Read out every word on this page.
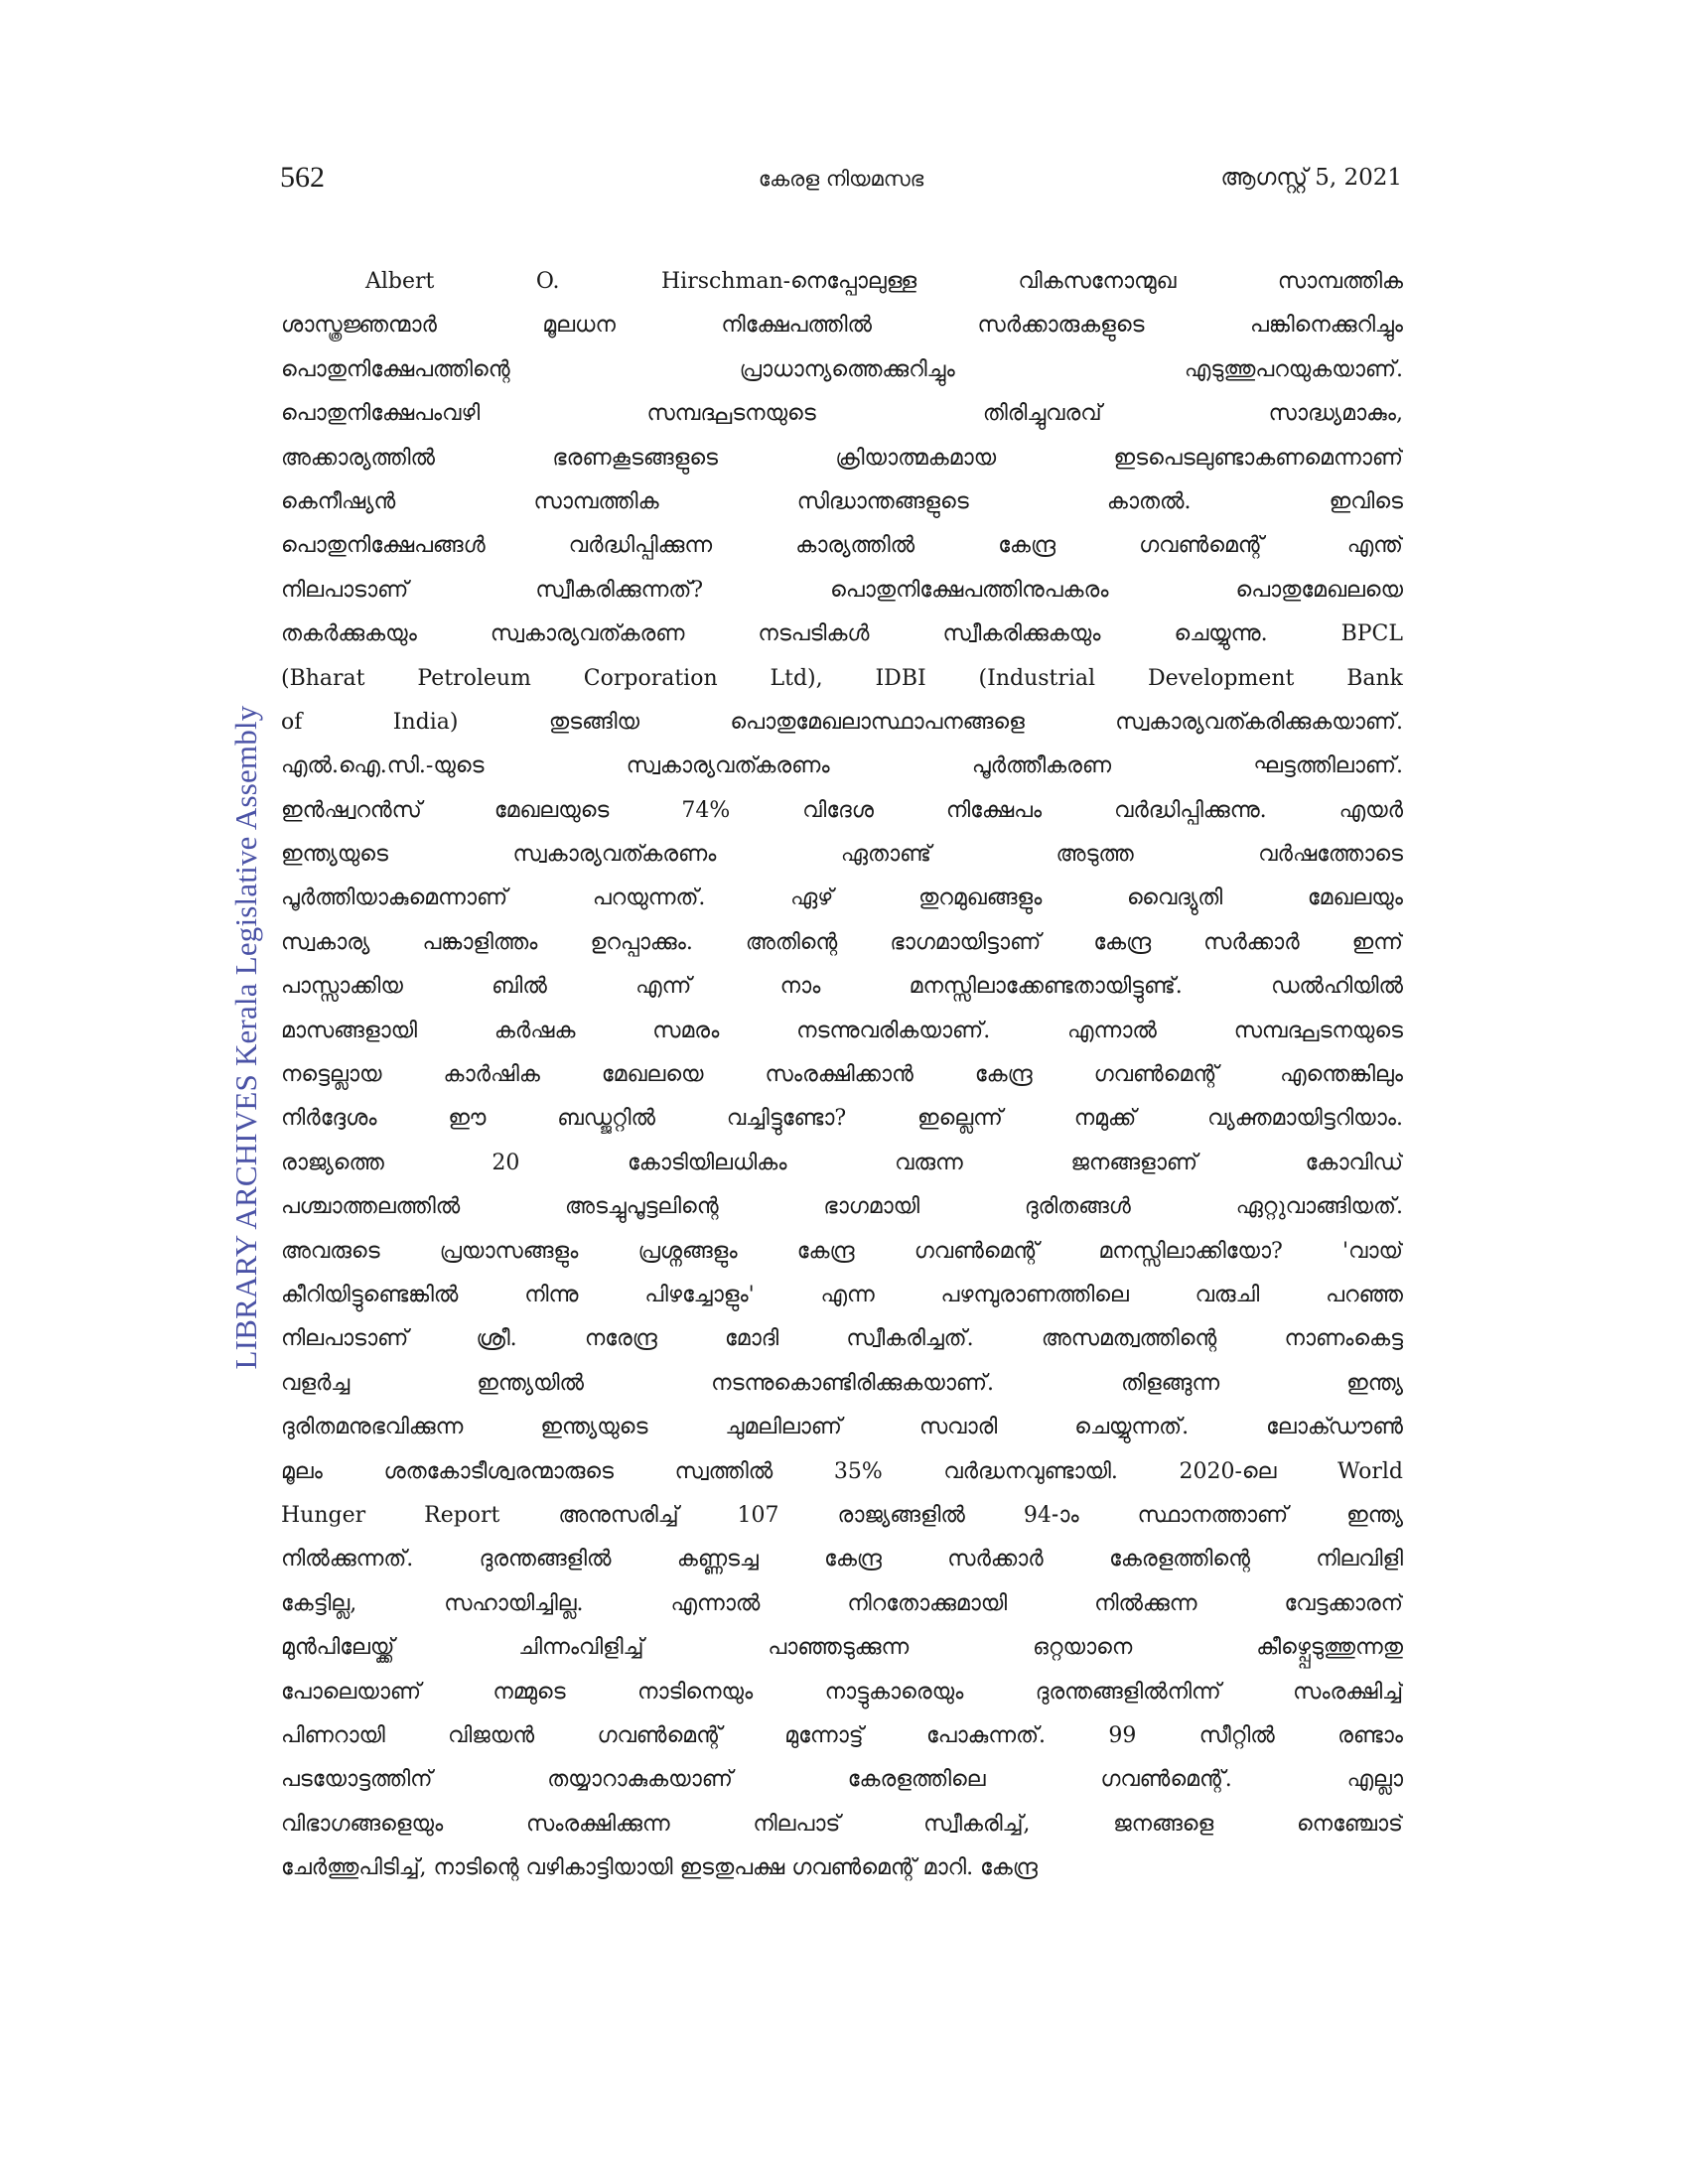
562	കേരള നിയമസഭ	ആഗസ്റ്റ് 5, 2021
LIBRARY ARCHIVES Kerala Legislative Assembly
Albert O. Hirschman-നെപ്പോലുള്ള വികസനോന്മുഖ സാമ്പത്തിക
ശാസ്ത്രജ്ഞന്മാർ മൂലധന നിക്ഷേപത്തിൽ സർക്കാരുകളുടെ പങ്കിനെക്കുറിച്ചും
പൊതുനിക്ഷേപത്തിന്റെ പ്രാധാന്യത്തെക്കുറിച്ചും എടുത്തുപറയുകയാണ്.
പൊതുനിക്ഷേപംവഴി സമ്പദ്ഘടനയുടെ തിരിച്ചുവരവ് സാദ്ധ്യമാകും,
അക്കാര്യത്തിൽ ഭരണകൂടങ്ങളുടെ ക്രിയാത്മകമായ ഇടപെടലുണ്ടാകണമെന്നാണ്
കെനീഷ്യൻ സാമ്പത്തിക സിദ്ധാന്തങ്ങളുടെ കാതൽ. ഇവിടെ
പൊതുനിക്ഷേപങ്ങൾ വർദ്ധിപ്പിക്കുന്ന കാര്യത്തിൽ കേന്ദ്ര ഗവൺമെന്റ് എന്ത്
നിലപാടാണ് സ്വീകരിക്കുന്നത്? പൊതുനിക്ഷേപത്തിനുപകരം പൊതുമേഖലയെ
തകർക്കുകയും സ്വകാര്യവത്കരണ നടപടികൾ സ്വീകരിക്കുകയും ചെയ്യുന്നു. BPCL
(Bharat Petroleum Corporation Ltd), IDBI (Industrial Development Bank
of India) തുടങ്ങിയ പൊതുമേഖലാസ്ഥാപനങ്ങളെ സ്വകാര്യവത്കരിക്കുകയാണ്.
എൽ.ഐ.സി.-യുടെ സ്വകാര്യവത്കരണം പൂർത്തീകരണ ഘട്ടത്തിലാണ്.
ഇൻഷ്വറൻസ് മേഖലയുടെ 74% വിദേശ നിക്ഷേപം വർദ്ധിപ്പിക്കുന്നു. എയർ
ഇന്ത്യയുടെ സ്വകാര്യവത്കരണം ഏതാണ്ട് അടുത്ത വർഷത്തോടെ
പൂർത്തിയാകുമെന്നാണ് പറയുന്നത്. ഏഴ് തുറമുഖങ്ങളും വൈദ്യുതി മേഖലയും
സ്വകാര്യ പങ്കാളിത്തം ഉറപ്പാക്കും. അതിന്റെ ഭാഗമായിട്ടാണ് കേന്ദ്ര സർക്കാർ ഇന്ന്
പാസ്സാക്കിയ ബിൽ എന്ന് നാം മനസ്സിലാക്കേണ്ടതായിട്ടുണ്ട്. ഡൽഹിയിൽ
മാസങ്ങളായി കർഷക സമരം നടന്നുവരികയാണ്. എന്നാൽ സമ്പദ്ഘടനയുടെ
നട്ടെല്ലായ കാർഷിക മേഖലയെ സംരക്ഷിക്കാൻ കേന്ദ്ര ഗവൺമെന്റ് എന്തെങ്കിലും
നിർദ്ദേശം ഈ ബഡ്ജറ്റിൽ വച്ചിട്ടുണ്ടോ? ഇല്ലെന്ന് നമുക്ക് വ്യക്തമായിട്ടറിയാം.
രാജ്യത്തെ 20 കോടിയിലധികം വരുന്ന ജനങ്ങളാണ് കോവിഡ്
പശ്ചാത്തലത്തിൽ അടച്ചുപൂട്ടലിന്റെ ഭാഗമായി ദുരിതങ്ങൾ ഏറ്റുവാങ്ങിയത്.
അവരുടെ പ്രയാസങ്ങളും പ്രശ്നങ്ങളും കേന്ദ്ര ഗവൺമെന്റ് മനസ്സിലാക്കിയോ? 'വായ്
കീറിയിട്ടുണ്ടെങ്കിൽ നിന്നു പിഴച്ചോളും' എന്ന പഴമ്പുരാണത്തിലെ വരുചി പറഞ്ഞ
നിലപാടാണ് ശ്രീ. നരേന്ദ്ര മോദി സ്വീകരിച്ചത്. അസമത്വത്തിന്റെ നാണംകെട്ട
വളർച്ച ഇന്ത്യയിൽ നടന്നുകൊണ്ടിരിക്കുകയാണ്. തിളങ്ങുന്ന ഇന്ത്യ
ദുരിതമനുഭവിക്കുന്ന ഇന്ത്യയുടെ ചുമലിലാണ് സവാരി ചെയ്യുന്നത്. ലോക്ഡൗൺ
മൂലം ശതകോടീശ്വരന്മാരുടെ സ്വത്തിൽ 35% വർദ്ധനവുണ്ടായി. 2020-ലെ World
Hunger Report അനുസരിച്ച് 107 രാജ്യങ്ങളിൽ 94-ാം സ്ഥാനത്താണ് ഇന്ത്യ
നിൽക്കുന്നത്. ദുരന്തങ്ങളിൽ കണ്ണടച്ച കേന്ദ്ര സർക്കാർ കേരളത്തിന്റെ നിലവിളി
കേട്ടില്ല, സഹായിച്ചില്ല. എന്നാൽ നിറതോക്കുമായി നിൽക്കുന്ന വേട്ടക്കാരന്
മുൻപിലേയ്ക്ക് ചിന്നംവിളിച്ച് പാഞ്ഞടുക്കുന്ന ഒറ്റയാനെ കീഴ്പ്പെടുത്തുന്നതു
പോലെയാണ് നമ്മുടെ നാടിനെയും നാട്ടുകാരെയും ദുരന്തങ്ങളിൽനിന്ന് സംരക്ഷിച്ച്
പിണറായി വിജയൻ ഗവൺമെന്റ് മുന്നോട്ട് പോകുന്നത്. 99 സീറ്റിൽ രണ്ടാം
പടയോട്ടത്തിന് തയ്യാറാകുകയാണ് കേരളത്തിലെ ഗവൺമെന്റ്. എല്ലാ
വിഭാഗങ്ങളെയും സംരക്ഷിക്കുന്ന നിലപാട് സ്വീകരിച്ച്, ജനങ്ങളെ നെഞ്ചോട്
ചേർത്തുപിടിച്ച്, നാടിന്റെ വഴികാട്ടിയായി ഇടതുപക്ഷ ഗവൺമെന്റ് മാറി. കേന്ദ്ര
